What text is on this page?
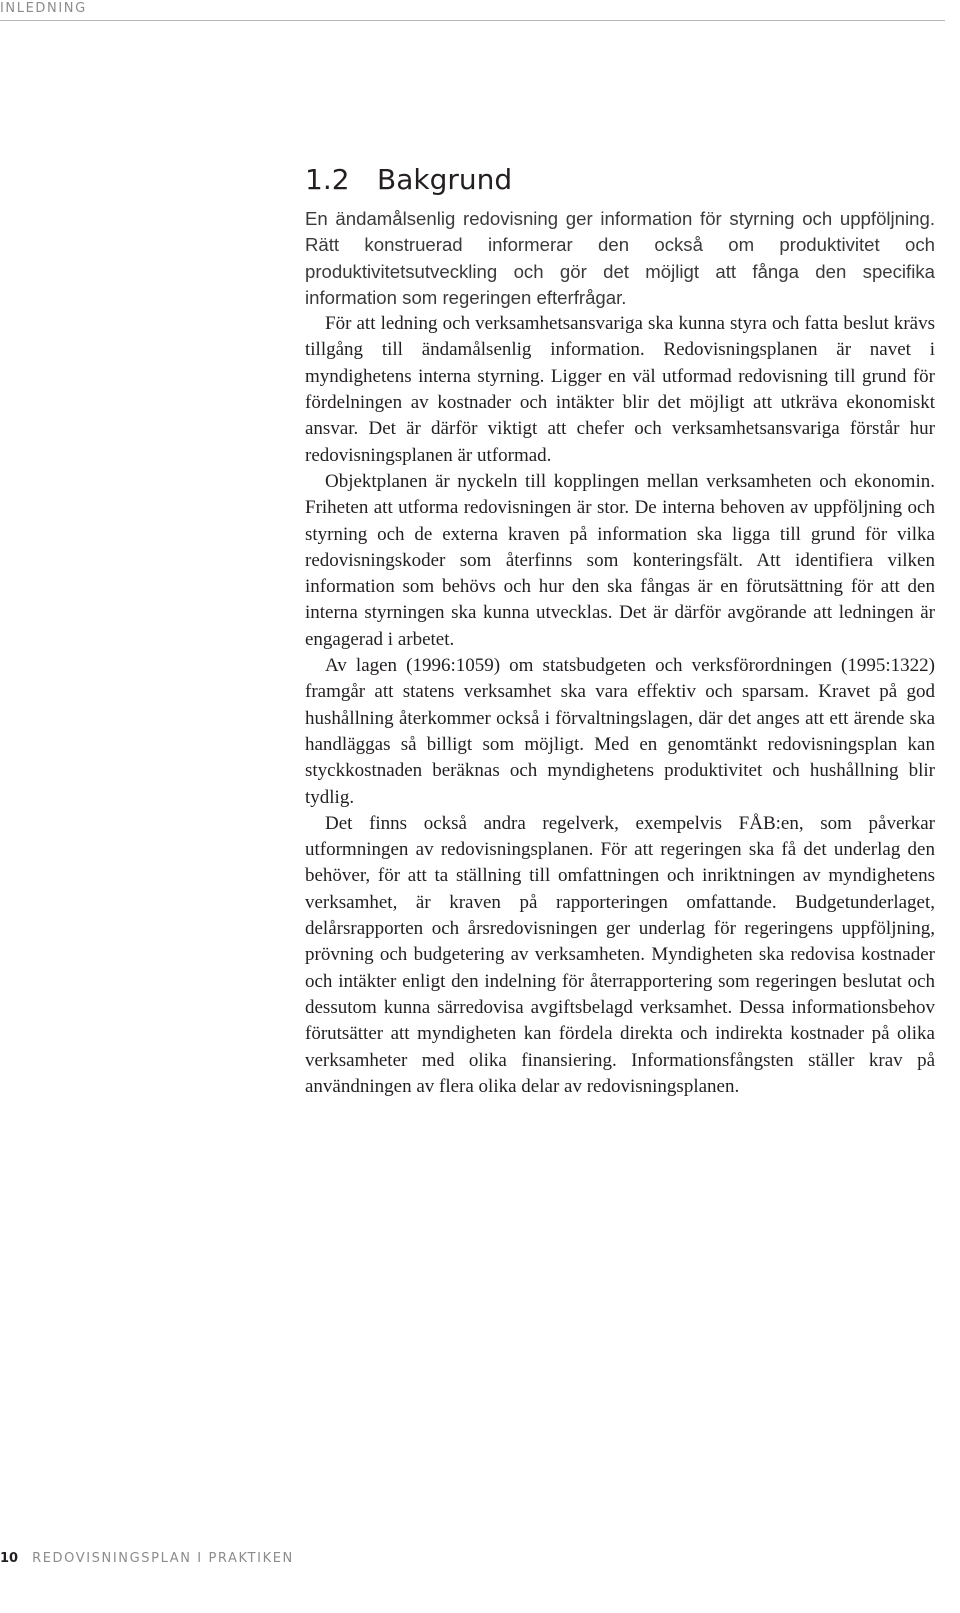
INLEDNING

1.2 Bakgrund

En ändamålsenlig redovisning ger information för styrning och uppföljning. Rätt konstruerad informerar den också om produktivitet och produktivitetsutveckling och gör det möjligt att fånga den specifika information som regeringen efterfrågar.

För att ledning och verksamhetsansvariga ska kunna styra och fatta beslut krävs tillgång till ändamålsenlig information. Redovisningsplanen är navet i myndighetens interna styrning. Ligger en väl utformad redovisning till grund för fördelningen av kostnader och intäkter blir det möjligt att utkräva ekonomiskt ansvar. Det är därför viktigt att chefer och verksamhetsansvariga förstår hur redovisningsplanen är utformad.

Objektplanen är nyckeln till kopplingen mellan verksamheten och ekonomin. Friheten att utforma redovisningen är stor. De interna behoven av uppföljning och styrning och de externa kraven på information ska ligga till grund för vilka redovisningskoder som återfinns som konteringsfält. Att identifiera vilken information som behövs och hur den ska fångas är en förutsättning för att den interna styrningen ska kunna utvecklas. Det är därför avgörande att ledningen är engagerad i arbetet.

Av lagen (1996:1059) om statsbudgeten och verksförordningen (1995:1322) framgår att statens verksamhet ska vara effektiv och sparsam. Kravet på god hushållning återkommer också i förvaltningslagen, där det anges att ett ärende ska handläggas så billigt som möjligt. Med en genomtänkt redovisningsplan kan styckkostnaden beräknas och myndighetens produktivitet och hushållning blir tydlig.

Det finns också andra regelverk, exempelvis FÅB:en, som påverkar utformningen av redovisningsplanen. För att regeringen ska få det underlag den behöver, för att ta ställning till omfattningen och inriktningen av myndighetens verksamhet, är kraven på rapporteringen omfattande. Budgetunderlaget, delårsrapporten och årsredovisningen ger underlag för regeringens uppföljning, prövning och budgetering av verksamheten. Myndigheten ska redovisa kostnader och intäkter enligt den indelning för återrapportering som regeringen beslutat och dessutom kunna särredovisa avgiftsbelagd verksamhet. Dessa informationsbehov förutsätter att myndigheten kan fördela direkta och indirekta kostnader på olika verksamheter med olika finansiering. Informationsfångsten ställer krav på användningen av flera olika delar av redovisningsplanen.

10 REDOVISNINGSPLAN I PRAKTIKEN
